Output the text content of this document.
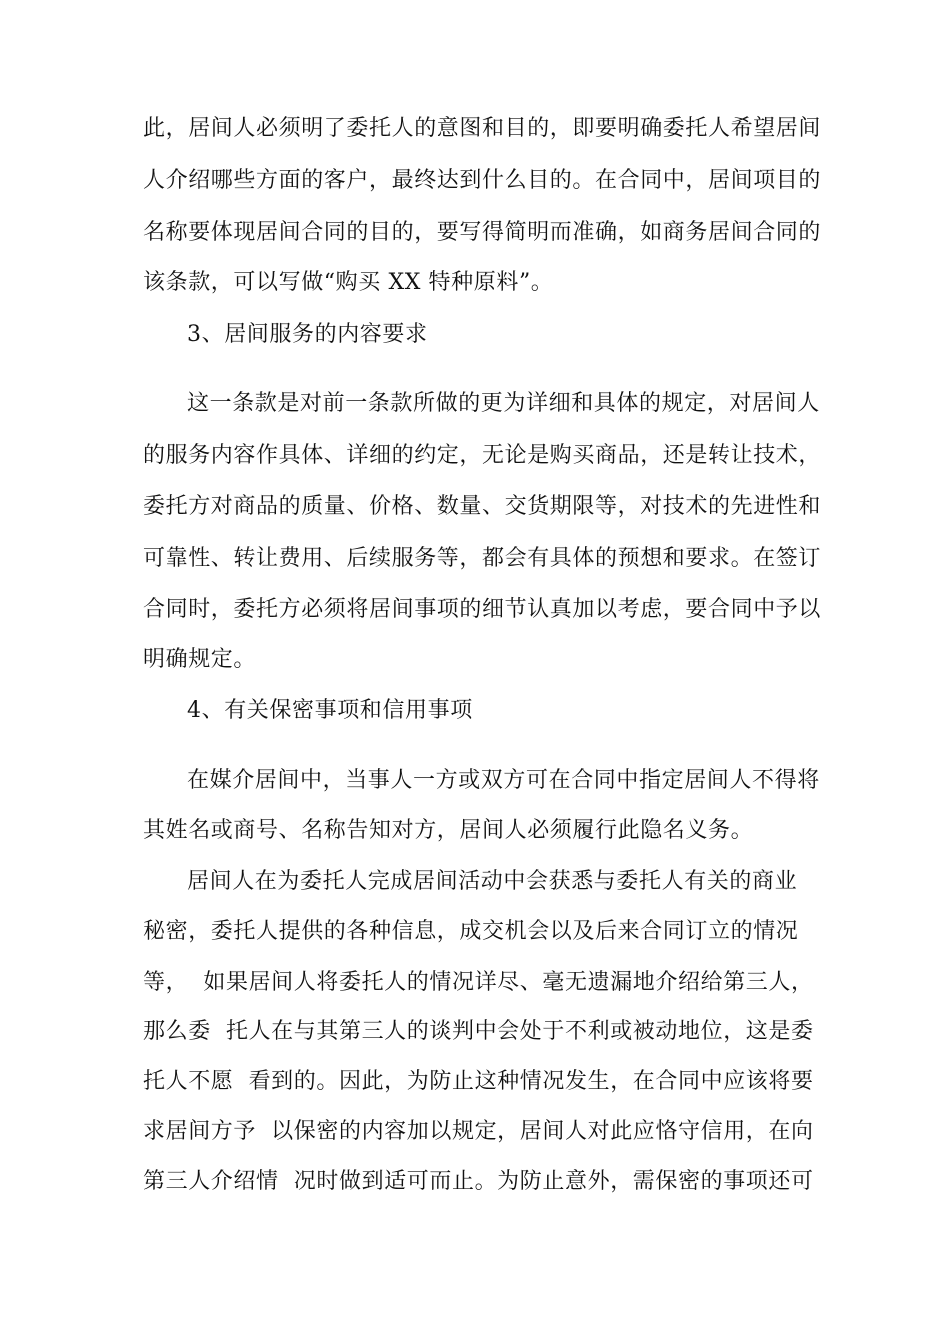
此，居间人必须明了委托人的意图和目的，即要明确委托人希望居间
人介绍哪些方面的客户，最终达到什么目的。在合同中，居间项目的
名称要体现居间合同的目的，要写得简明而准确，如商务居间合同的
该条款，可以写做“购买 XX 特种原料”。
3、居间服务的内容要求
这一条款是对前一条款所做的更为详细和具体的规定，对居间人
的服务内容作具体、详细的约定，无论是购买商品，还是转让技术，
委托方对商品的质量、价格、数量、交货期限等，对技术的先进性和
可靠性、转让费用、后续服务等，都会有具体的预想和要求。在签订
合同时，委托方必须将居间事项的细节认真加以考虑，要合同中予以
明确规定。
4、有关保密事项和信用事项
在媒介居间中，当事人一方或双方可在合同中指定居间人不得将
其姓名或商号、名称告知对方，居间人必须履行此隐名义务。
居间人在为委托人完成居间活动中会获悉与委托人有关的商业
秘密，委托人提供的各种信息，成交机会以及后来合同订立的情况
等，  如果居间人将委托人的情况详尽、毫无遗漏地介绍给第三人，
那么委  托人在与其第三人的谈判中会处于不利或被动地位，这是委
托人不愿  看到的。因此，为防止这种情况发生，在合同中应该将要
求居间方予  以保密的内容加以规定，居间人对此应恪守信用，在向
第三人介绍情  况时做到适可而止。为防止意外，需保密的事项还可
